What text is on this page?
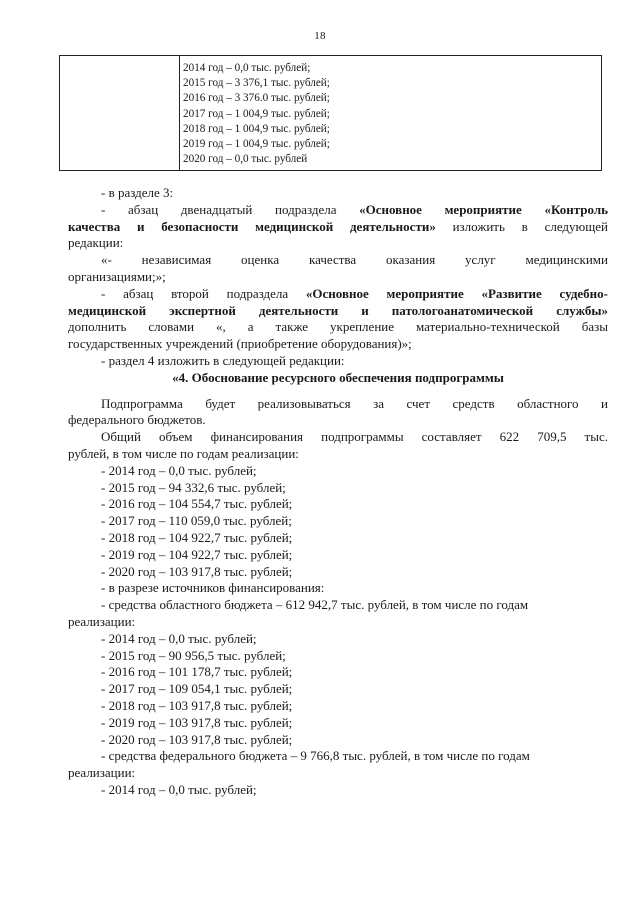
18
2014 год – 0,0 тыс. рублей;
2015 год – 3 376,1 тыс. рублей;
2016 год – 3 376.0 тыс. рублей;
2017 год – 1 004,9 тыс. рублей;
2018 год – 1 004,9 тыс. рублей;
2019 год – 1 004,9 тыс. рублей;
2020 год – 0,0 тыс. рублей
- в разделе 3:
- абзац двенадцатый подраздела «Основное мероприятие «Контроль
качества и безопасности медицинской деятельности» изложить в следующей
редакции:
«- независимая оценка качества оказания услуг медицинскими
организациями;»;
- абзац второй подраздела «Основное мероприятие «Развитие судебно-
медицинской экспертной деятельности и патологоанатомической службы»
дополнить словами «, а также укрепление материально-технической базы
государственных учреждений (приобретение оборудования)»;
- раздел 4 изложить в следующей редакции:
«4. Обоснование ресурсного обеспечения подпрограммы
Подпрограмма будет реализовываться за счет средств областного и
федерального бюджетов.
Общий объем финансирования подпрограммы составляет 622 709,5 тыс.
рублей, в том числе по годам реализации:
- 2014 год – 0,0 тыс. рублей;
- 2015 год – 94 332,6 тыс. рублей;
- 2016 год – 104 554,7 тыс. рублей;
- 2017 год – 110 059,0 тыс. рублей;
- 2018 год – 104 922,7 тыс. рублей;
- 2019 год – 104 922,7 тыс. рублей;
- 2020 год – 103 917,8 тыс. рублей;
- в разрезе источников финансирования:
- средства областного бюджета – 612 942,7 тыс. рублей, в том числе по годам
реализации:
- 2014 год – 0,0 тыс. рублей;
- 2015 год – 90 956,5 тыс. рублей;
- 2016 год – 101 178,7 тыс. рублей;
- 2017 год – 109 054,1 тыс. рублей;
- 2018 год – 103 917,8 тыс. рублей;
- 2019 год – 103 917,8 тыс. рублей;
- 2020 год – 103 917,8 тыс. рублей;
- средства федерального бюджета – 9 766,8 тыс. рублей, в том числе по годам
реализации:
- 2014 год – 0,0 тыс. рублей;
